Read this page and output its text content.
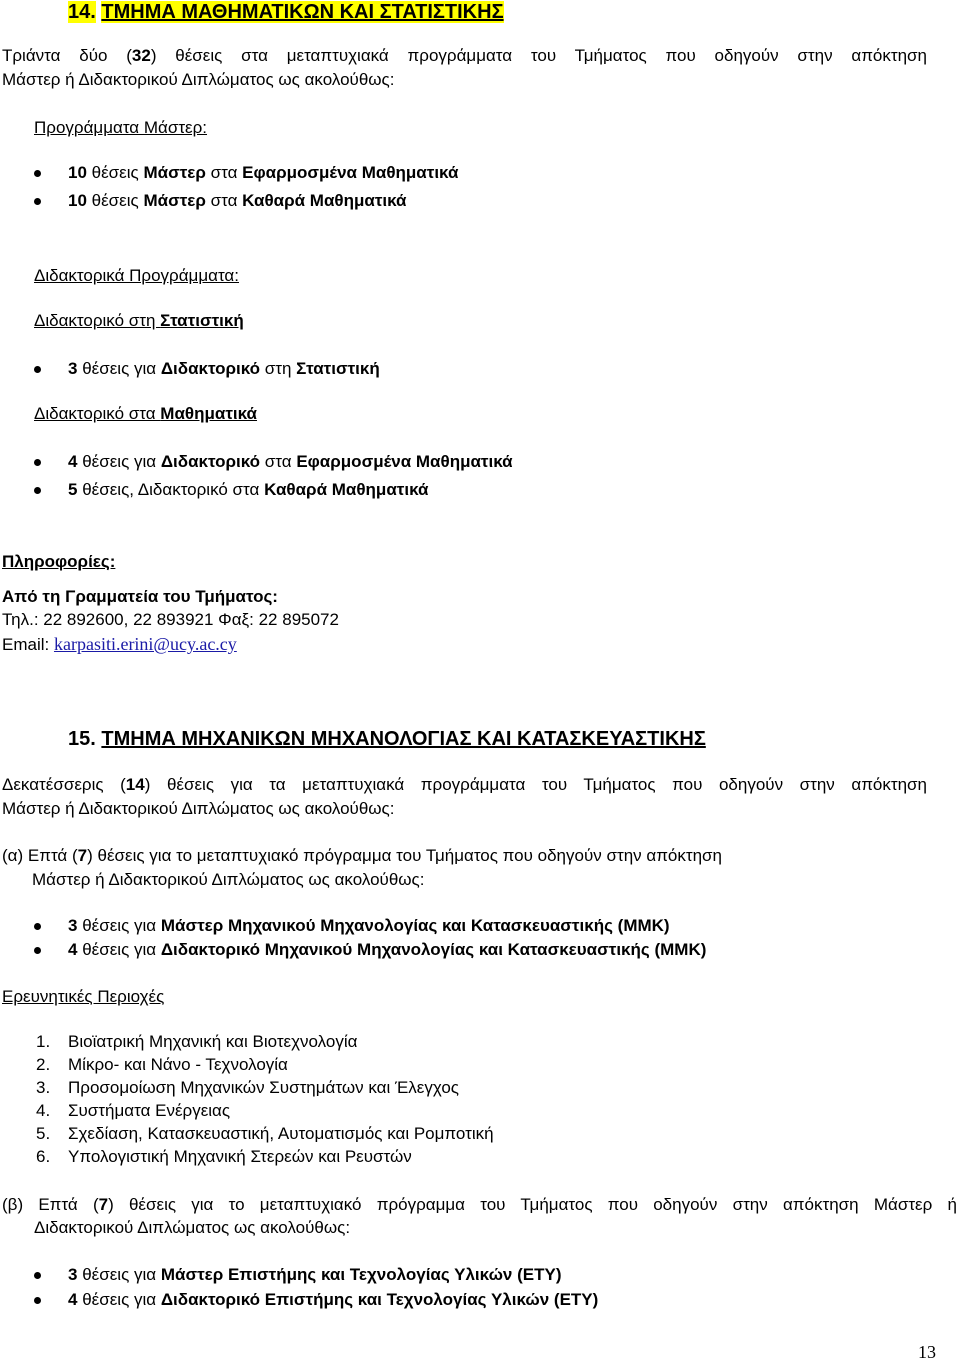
14. ΤΜΗΜΑ ΜΑΘΗΜΑΤΙΚΩΝ ΚΑΙ ΣΤΑΤΙΣΤΙΚΗΣ
Τριάντα δύο (32) θέσεις στα μεταπτυχιακά προγράμματα του Τμήματος που οδηγούν στην απόκτηση
Μάστερ ή Διδακτορικού Διπλώματος ως ακολούθως:
Προγράμματα Μάστερ:
10 θέσεις Μάστερ στα Εφαρμοσμένα Μαθηματικά
10 θέσεις Μάστερ στα Καθαρά Μαθηματικά
Διδακτορικά Προγράμματα:
Διδακτορικό στη Στατιστική
3 θέσεις για Διδακτορικό στη Στατιστική
Διδακτορικό στα Μαθηματικά
4 θέσεις για Διδακτορικό στα Εφαρμοσμένα Μαθηματικά
5 θέσεις, Διδακτορικό στα Καθαρά Μαθηματικά
Πληροφορίες:
Από τη Γραμματεία του Τμήματος:
Τηλ.: 22 892600, 22 893921 Φαξ: 22 895072
Email: karpasiti.erini@ucy.ac.cy
15. ΤΜΗΜΑ ΜΗΧΑΝΙΚΩΝ ΜΗΧΑΝΟΛΟΓΙΑΣ ΚΑΙ ΚΑΤΑΣΚΕΥΑΣΤΙΚΗΣ
Δεκατέσσερις (14) θέσεις για τα μεταπτυχιακά προγράμματα του Τμήματος που οδηγούν στην απόκτηση
Μάστερ ή Διδακτορικού Διπλώματος ως ακολούθως:
(α) Επτά (7) θέσεις για το μεταπτυχιακό πρόγραμμα του Τμήματος που οδηγούν στην απόκτηση
Μάστερ ή Διδακτορικού Διπλώματος ως ακολούθως:
3 θέσεις για Μάστερ Μηχανικού Μηχανολογίας και Κατασκευαστικής (ΜΜΚ)
4 θέσεις για Διδακτορικό Μηχανικού Μηχανολογίας και Κατασκευαστικής (ΜΜΚ)
Ερευνητικές Περιοχές
1. Βιοϊατρική Μηχανική και Βιοτεχνολογία
2. Μίκρο- και Νάνο - Τεχνολογία
3. Προσομοίωση Μηχανικών Συστημάτων και Έλεγχος
4. Συστήματα Ενέργειας
5. Σχεδίαση, Κατασκευαστική, Αυτοματισμός και Ρομποτική
6. Υπολογιστική Μηχανική Στερεών και Ρευστών
(β) Επτά (7) θέσεις για το μεταπτυχιακό πρόγραμμα του Τμήματος που οδηγούν στην απόκτηση Μάστερ ή
Διδακτορικού Διπλώματος ως ακολούθως:
3 θέσεις για Μάστερ Επιστήμης και Τεχνολογίας Υλικών (ΕΤΥ)
4 θέσεις για Διδακτορικό Επιστήμης και Τεχνολογίας Υλικών (ΕΤΥ)
13
